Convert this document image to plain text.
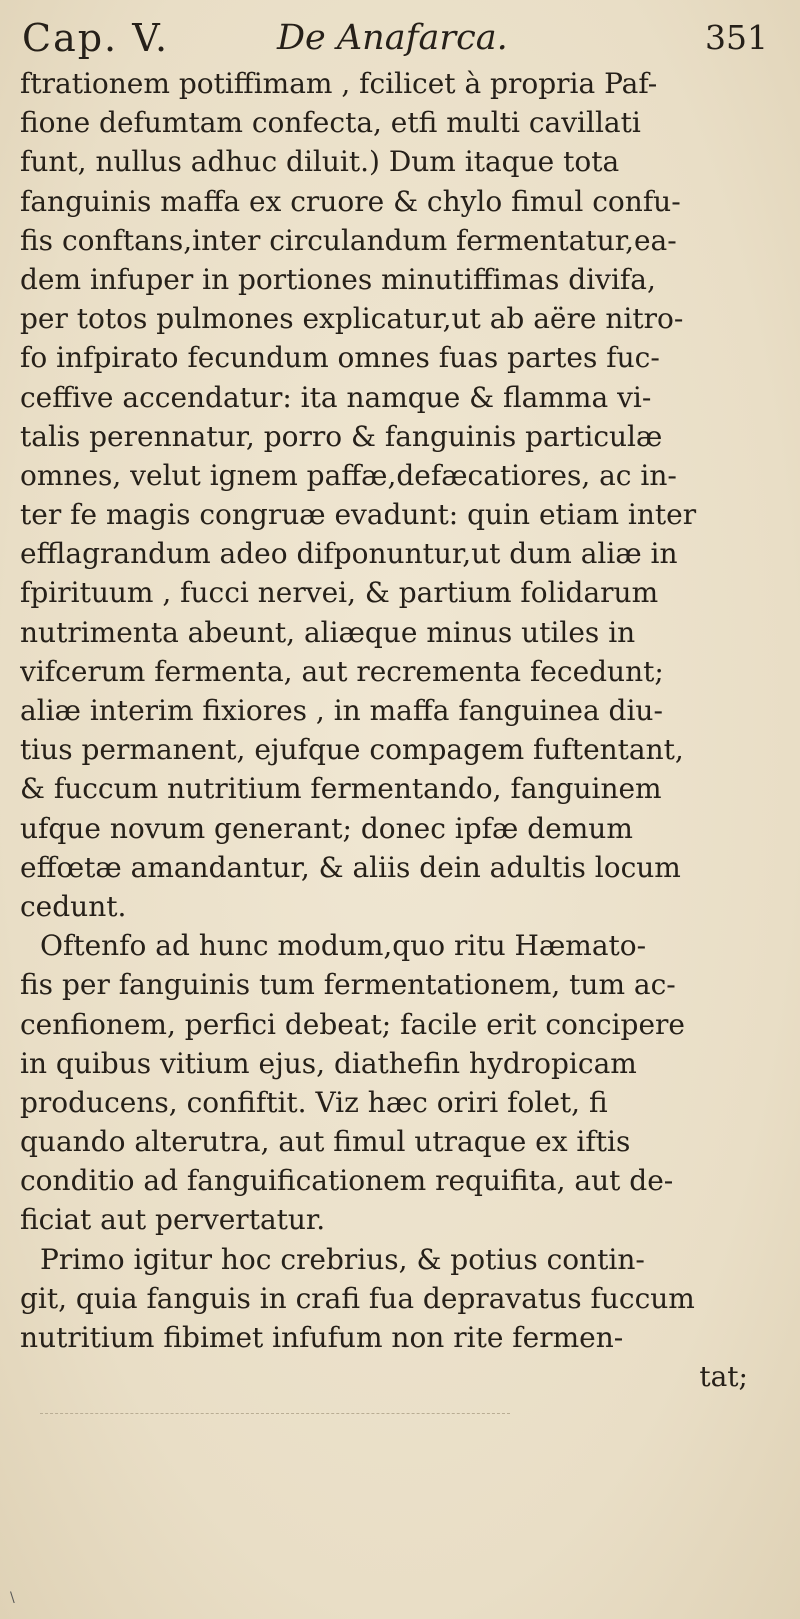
Cap. V.	De Anafarca.	351
ftrationem potiffimam , fcilicet à propria Paf-
fione defumtam confecta, etfi multi cavillati
funt, nullus adhuc diluit.) Dum itaque tota
fanguinis maffa ex cruore & chylo fimul confu-
fis conftans,inter circulandum fermentatur,ea-
dem infuper in portiones minutiffimas divifa,
per totos pulmones explicatur,ut ab aëre nitro-
fo infpirato fecundum omnes fuas partes fuc-
ceffive accendatur: ita namque & flamma vi-
talis perennatur, porro & fanguinis particulæ
omnes, velut ignem paffæ,defæcatiores, ac in-
ter fe magis congruæ evadunt: quin etiam inter
efflagrandum adeo difponuntur,ut dum aliæ in
fpirituum , fucci nervei, & partium folidarum
nutrimenta abeunt, aliæque minus utiles in
vifcerum fermenta, aut recrementa fecedunt;
aliæ interim fixiores , in maffa fanguinea diu-
tius permanent, ejufque compagem fuftentant,
& fuccum nutritium fermentando, fanguinem
ufque novum generant; donec ipfæ demum
effœtæ amandantur, & aliis dein adultis locum
cedunt.
Oftenfo ad hunc modum,quo ritu Hæmato-
fis per fanguinis tum fermentationem, tum ac-
cenfionem, perfici debeat; facile erit concipere
in quibus vitium ejus, diathefin hydropicam
producens, confiftit. Viz hæc oriri folet, fi
quando alterutra, aut fimul utraque ex iftis
conditio ad fanguificationem requifita, aut de-
ficiat aut pervertatur.
Primo igitur hoc crebrius, & potius contin-
git, quia fanguis in crafi fua depravatus fuccum
nutritium fibimet infufum non rite fermen-
tat;
\
